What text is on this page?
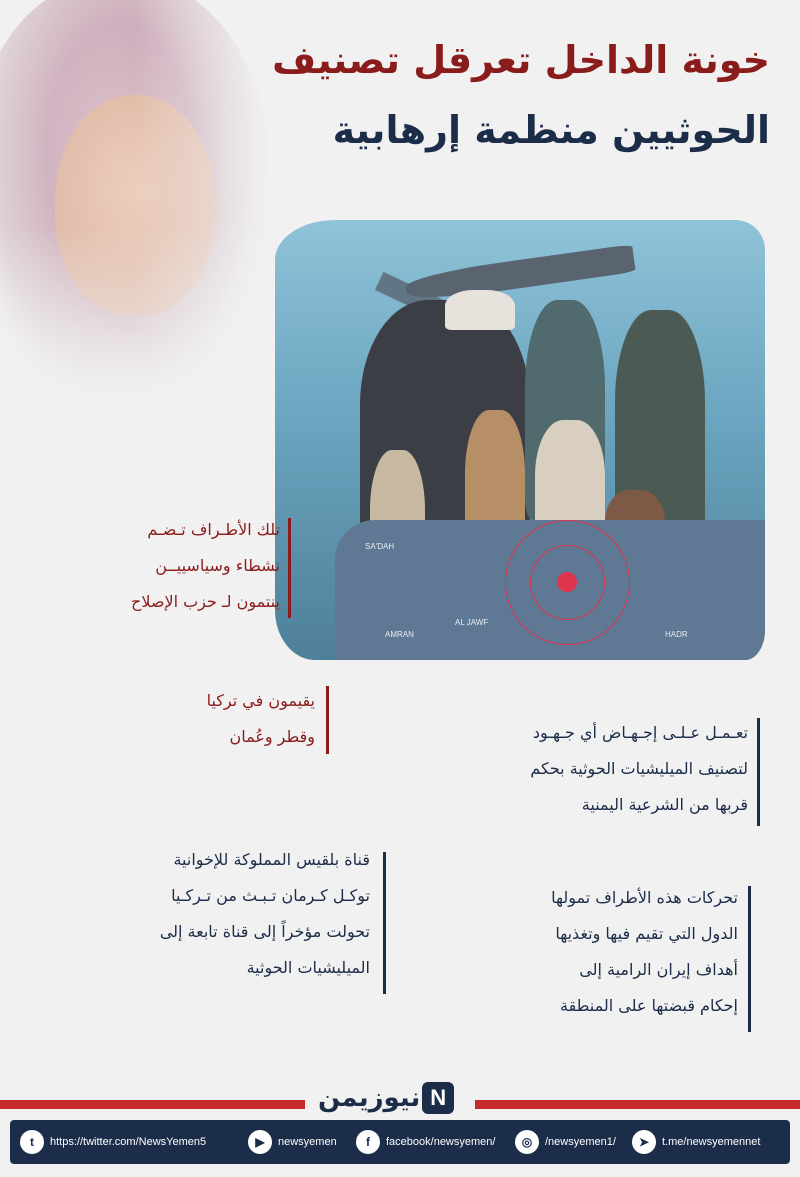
خونة الداخل تعرقل تصنيف
الحوثيين منظمة إرهابية
SA'DAH
AL JAWF
HADR
AMRAN
تلك الأطـراف تـضـم
نشطاء وسياسييــن
ينتمون لـ حزب الإصلاح
يقيمون في تركيا
وقطر وعُمان	تعـمـل عـلـى إجـهـاض أي جـهـود
لتصنيف الميليشيات الحوثية بحكم
قربها من الشرعية اليمنية
قناة بلقيس المملوكة للإخوانية
توكـل كـرمان تـبـث من تـركـيا
تحولت مؤخراً إلى قناة تابعة إلى
الميليشيات الحوثية
تحركات هذه الأطراف تمولها
الدول التي تقيم فيها وتغذيها
أهداف إيران الرامية إلى
إحكام قبضتها على المنطقة
نيوزيمن N
t	https://twitter.com/NewsYemen5	▶	newsyemen	f	facebook/newsyemen/	◎	/newsyemen1/	➤	t.me/newsyemennet
